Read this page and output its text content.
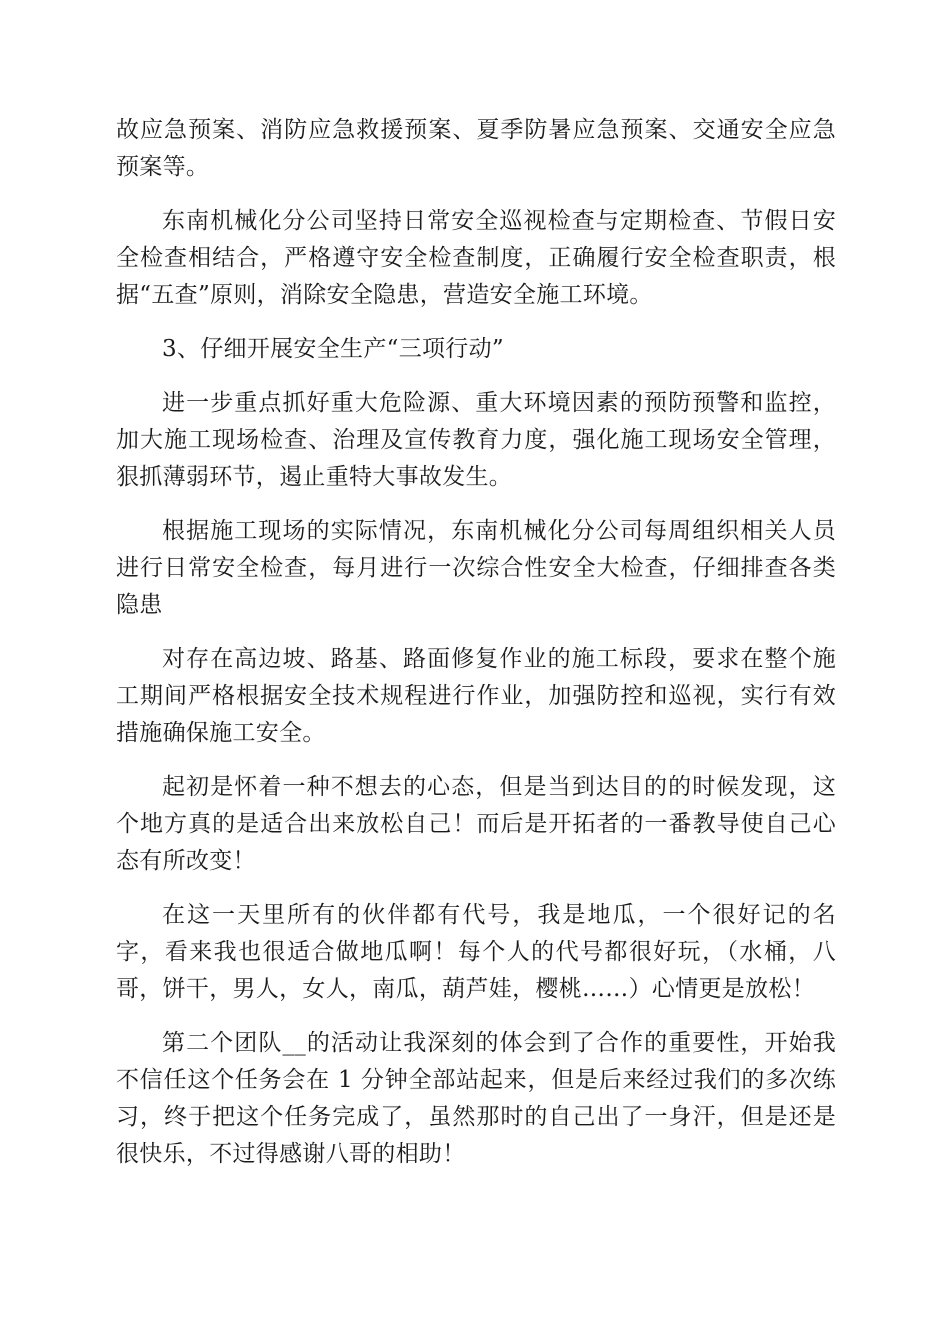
故应急预案、消防应急救援预案、夏季防暑应急预案、交通安全应急预案等。

东南机械化分公司坚持日常安全巡视检查与定期检查、节假日安全检查相结合，严格遵守安全检查制度，正确履行安全检查职责，根据“五查”原则，消除安全隐患，营造安全施工环境。

3、仔细开展安全生产“三项行动”

进一步重点抓好重大危险源、重大环境因素的预防预警和监控，加大施工现场检查、治理及宣传教育力度，强化施工现场安全管理，狠抓薄弱环节，遏止重特大事故发生。

根据施工现场的实际情况，东南机械化分公司每周组织相关人员进行日常安全检查，每月进行一次综合性安全大检查，仔细排查各类隐患

对存在高边坡、路基、路面修复作业的施工标段，要求在整个施工期间严格根据安全技术规程进行作业，加强防控和巡视，实行有效措施确保施工安全。

起初是怀着一种不想去的心态，但是当到达目的的时候发现，这个地方真的是适合出来放松自己！而后是开拓者的一番教导使自己心态有所改变！

在这一天里所有的伙伴都有代号，我是地瓜，一个很好记的名字，看来我也很适合做地瓜啊！每个人的代号都很好玩，（水桶，八哥，饼干，男人，女人，南瓜，葫芦娃，樱桃……）心情更是放松！

第二个团队__的活动让我深刻的体会到了合作的重要性，开始我不信任这个任务会在 1 分钟全部站起来，但是后来经过我们的多次练习，终于把这个任务完成了，虽然那时的自己出了一身汗，但是还是很快乐，不过得感谢八哥的相助！
